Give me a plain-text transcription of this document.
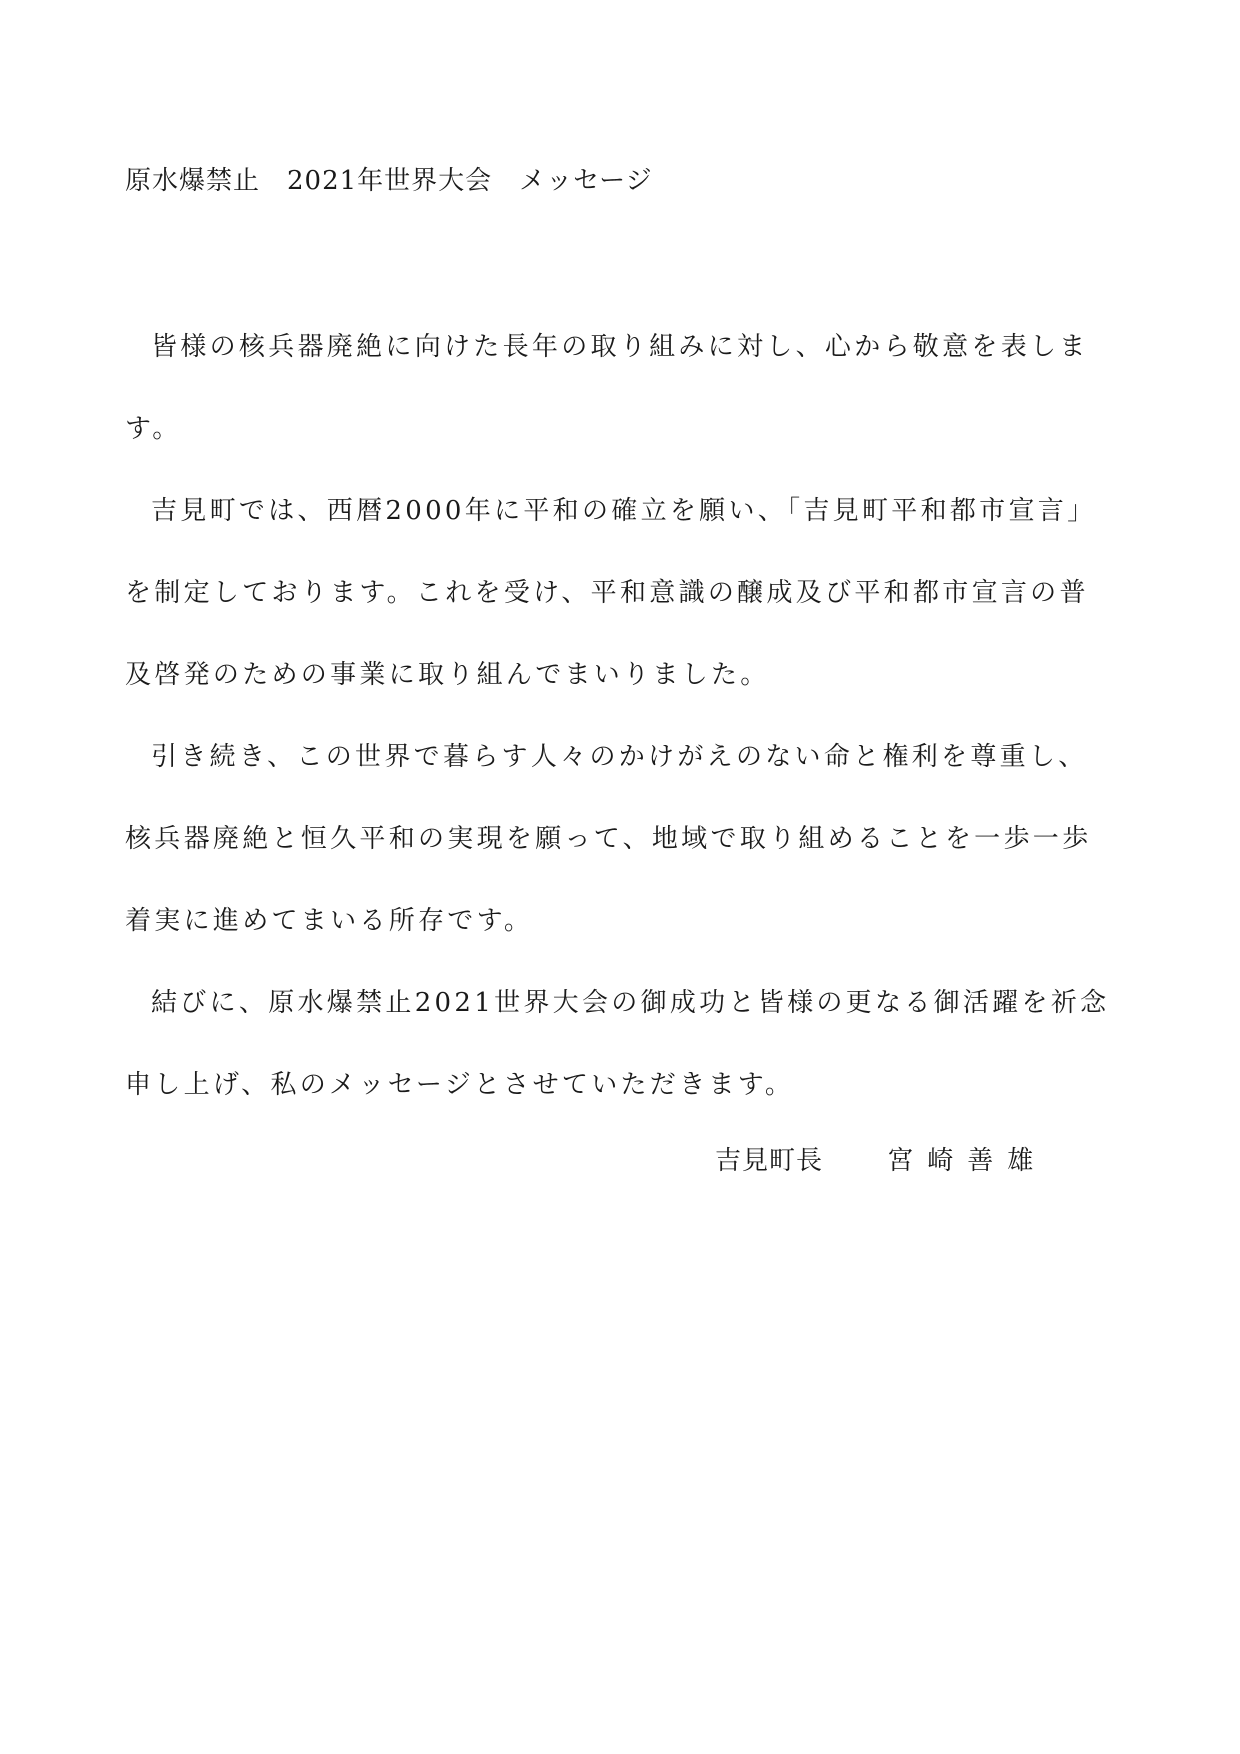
原水爆禁止　2021年世界大会　メッセージ

皆様の核兵器廃絶に向けた長年の取り組みに対し、心から敬意を表します。

吉見町では、西暦2000年に平和の確立を願い、「吉見町平和都市宣言」を制定しております。これを受け、平和意識の醸成及び平和都市宣言の普及啓発のための事業に取り組んでまいりました。

引き続き、この世界で暮らす人々のかけがえのない命と権利を尊重し、核兵器廃絶と恒久平和の実現を願って、地域で取り組めることを一歩一歩着実に進めてまいる所存です。

結びに、原水爆禁止2021世界大会の御成功と皆様の更なる御活躍を祈念申し上げ、私のメッセージとさせていただきます。

吉見町長 宮崎善雄
